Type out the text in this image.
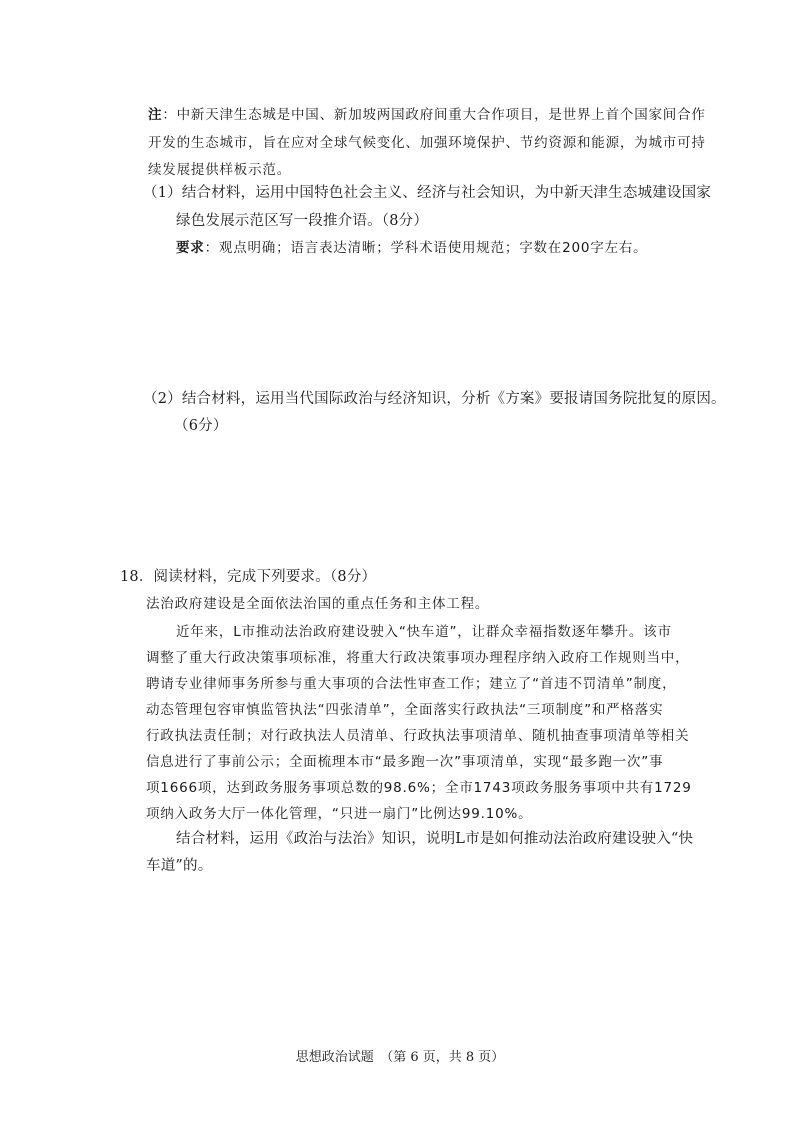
注：中新天津生态城是中国、新加坡两国政府间重大合作项目，是世界上首个国家间合作
开发的生态城市，旨在应对全球气候变化、加强环境保护、节约资源和能源，为城市可持
续发展提供样板示范。
（1）结合材料，运用中国特色社会主义、经济与社会知识，为中新天津生态城建设国家
绿色发展示范区写一段推介语。（8分）
要求：观点明确；语言表达清晰；学科术语使用规范；字数在200字左右。
（2）结合材料，运用当代国际政治与经济知识，分析《方案》要报请国务院批复的原因。
（6分）
18．阅读材料，完成下列要求。（8分）
法治政府建设是全面依法治国的重点任务和主体工程。
近年来，L市推动法治政府建设驶入“快车道”，让群众幸福指数逐年攀升。该市
调整了重大行政决策事项标准，将重大行政决策事项办理程序纳入政府工作规则当中，
聘请专业律师事务所参与重大事项的合法性审查工作；建立了“首违不罚清单”制度，
动态管理包容审慎监管执法“四张清单”，全面落实行政执法“三项制度”和严格落实
行政执法责任制；对行政执法人员清单、行政执法事项清单、随机抽查事项清单等相关
信息进行了事前公示；全面梳理本市“最多跑一次”事项清单，实现“最多跑一次”事
项1666项，达到政务服务事项总数的98.6%；全市1743项政务服务事项中共有1729
项纳入政务大厅一体化管理，“只进一扇门”比例达99.10%。
结合材料，运用《政治与法治》知识，说明L市是如何推动法治政府建设驶入“快
车道”的。
思想政治试题　（第 6 页，共 8 页）
